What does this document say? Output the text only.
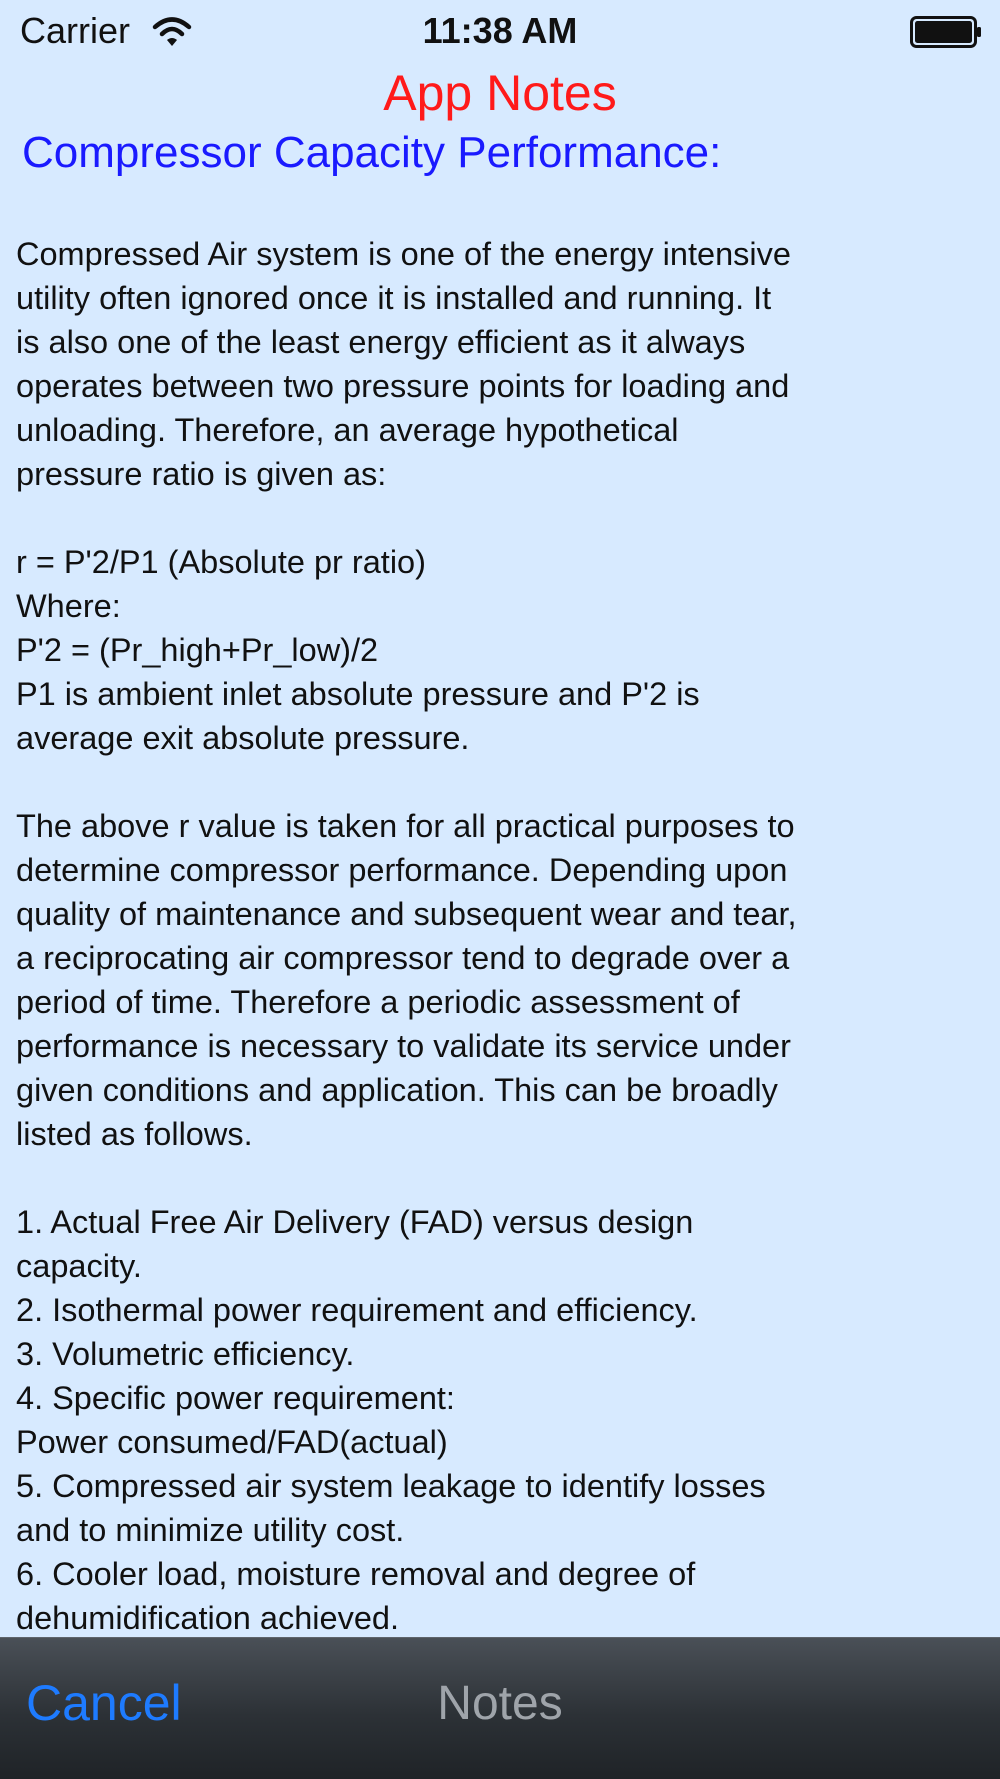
Carrier	11:38 AM
App Notes
Compressor Capacity Performance:

Compressed Air system is one of the energy intensive
utility often ignored once it is installed and running. It
is also one of the least energy efficient as it always
operates between two pressure points for loading and
unloading. Therefore, an average hypothetical
pressure ratio is given as:

r = P'2/P1 (Absolute pr ratio)
Where:
P'2 = (Pr_high+Pr_low)/2
P1 is ambient inlet absolute pressure and P'2 is
average exit absolute pressure.

The above r value is taken for all practical purposes to
determine compressor performance. Depending upon
quality of maintenance and subsequent wear and tear,
a reciprocating air compressor tend to degrade over a
period of time. Therefore a periodic assessment of
performance is necessary to validate its service under
given conditions and application. This can be broadly
listed as follows.

1. Actual Free Air Delivery (FAD) versus design
capacity.
2. Isothermal power requirement and efficiency.
3. Volumetric efficiency.
4. Specific power requirement:
Power consumed/FAD(actual)
5. Compressed air system leakage to identify losses
and to minimize utility cost.
6. Cooler load, moisture removal and degree of
dehumidification achieved.

Cancel	Notes
